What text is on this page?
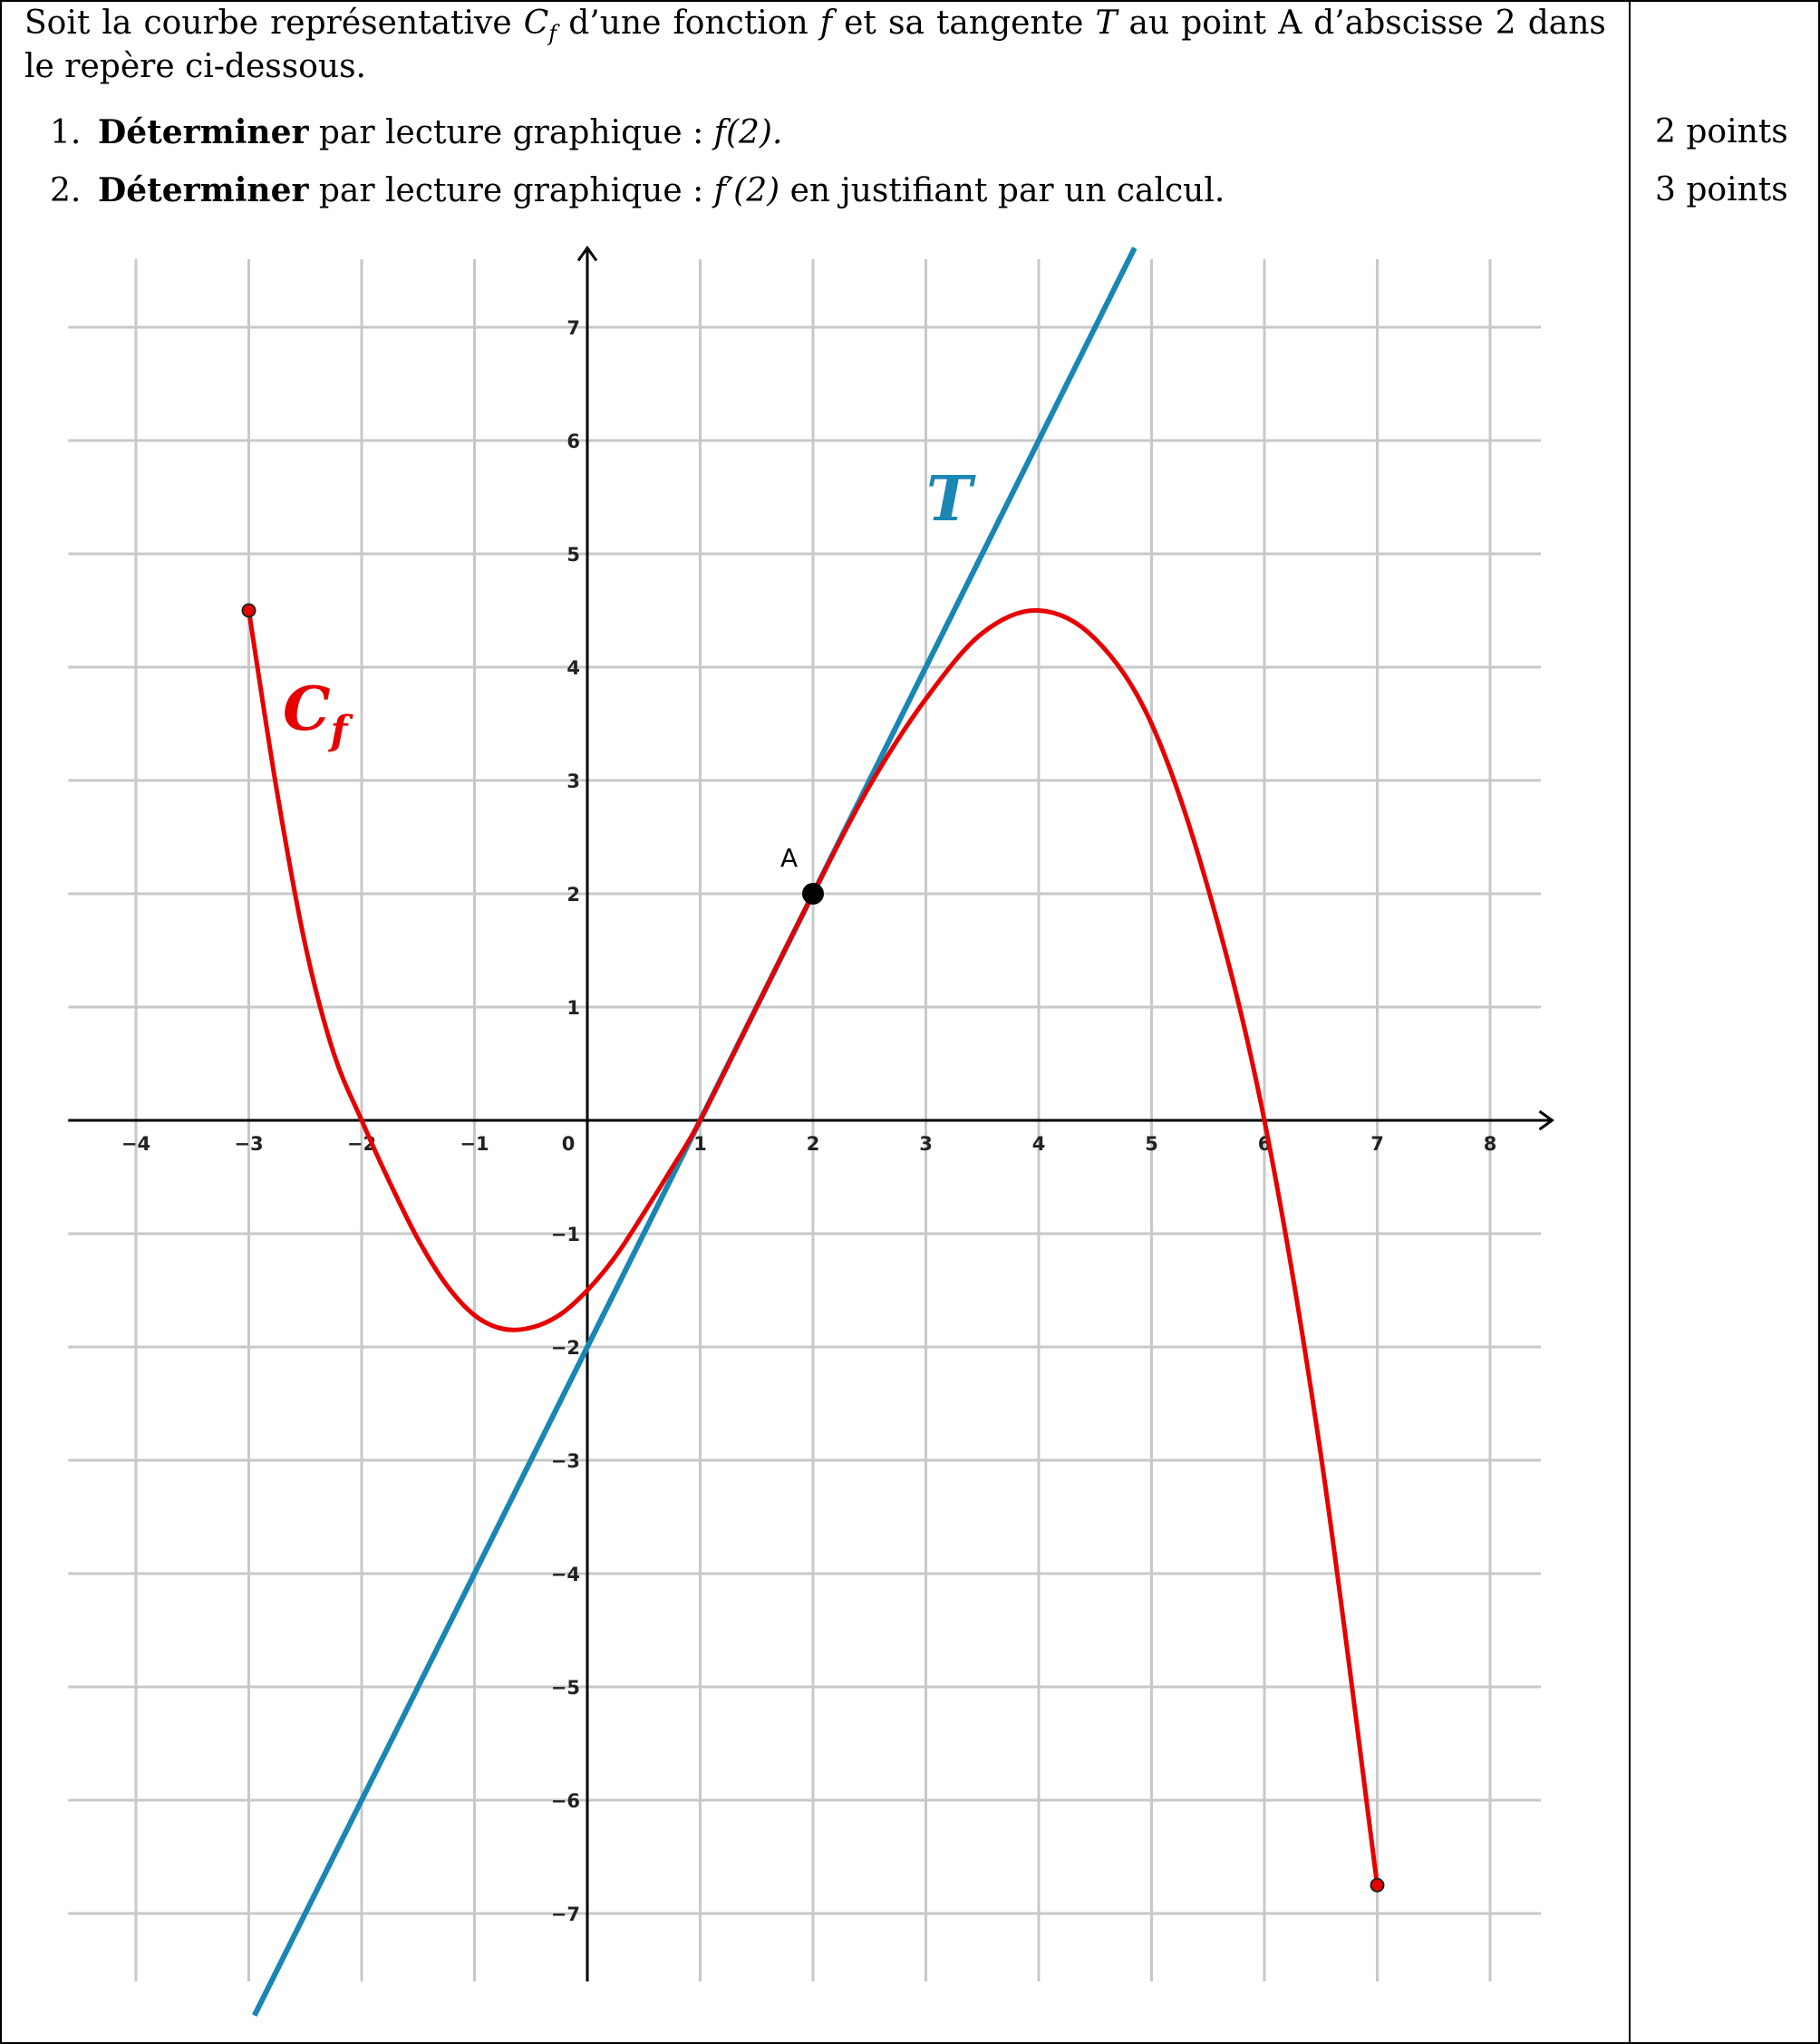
Soit la courbe représentative $C_f$ d’une fonction f et sa tangente T au point A d’abscisse 2 dans
le repère ci-dessous.
1. Déterminer par lecture graphique : f(2).
2. Déterminer par lecture graphique : f′(2) en justifiant par un calcul.
2 points
3 points
−4	−3	−2	−1	0	1	2	3	4	5	6	7	8
7
6
5
4
3
2
1
−1
−2
−3
−4
−5
−6
−7
A
$C_f$
T
